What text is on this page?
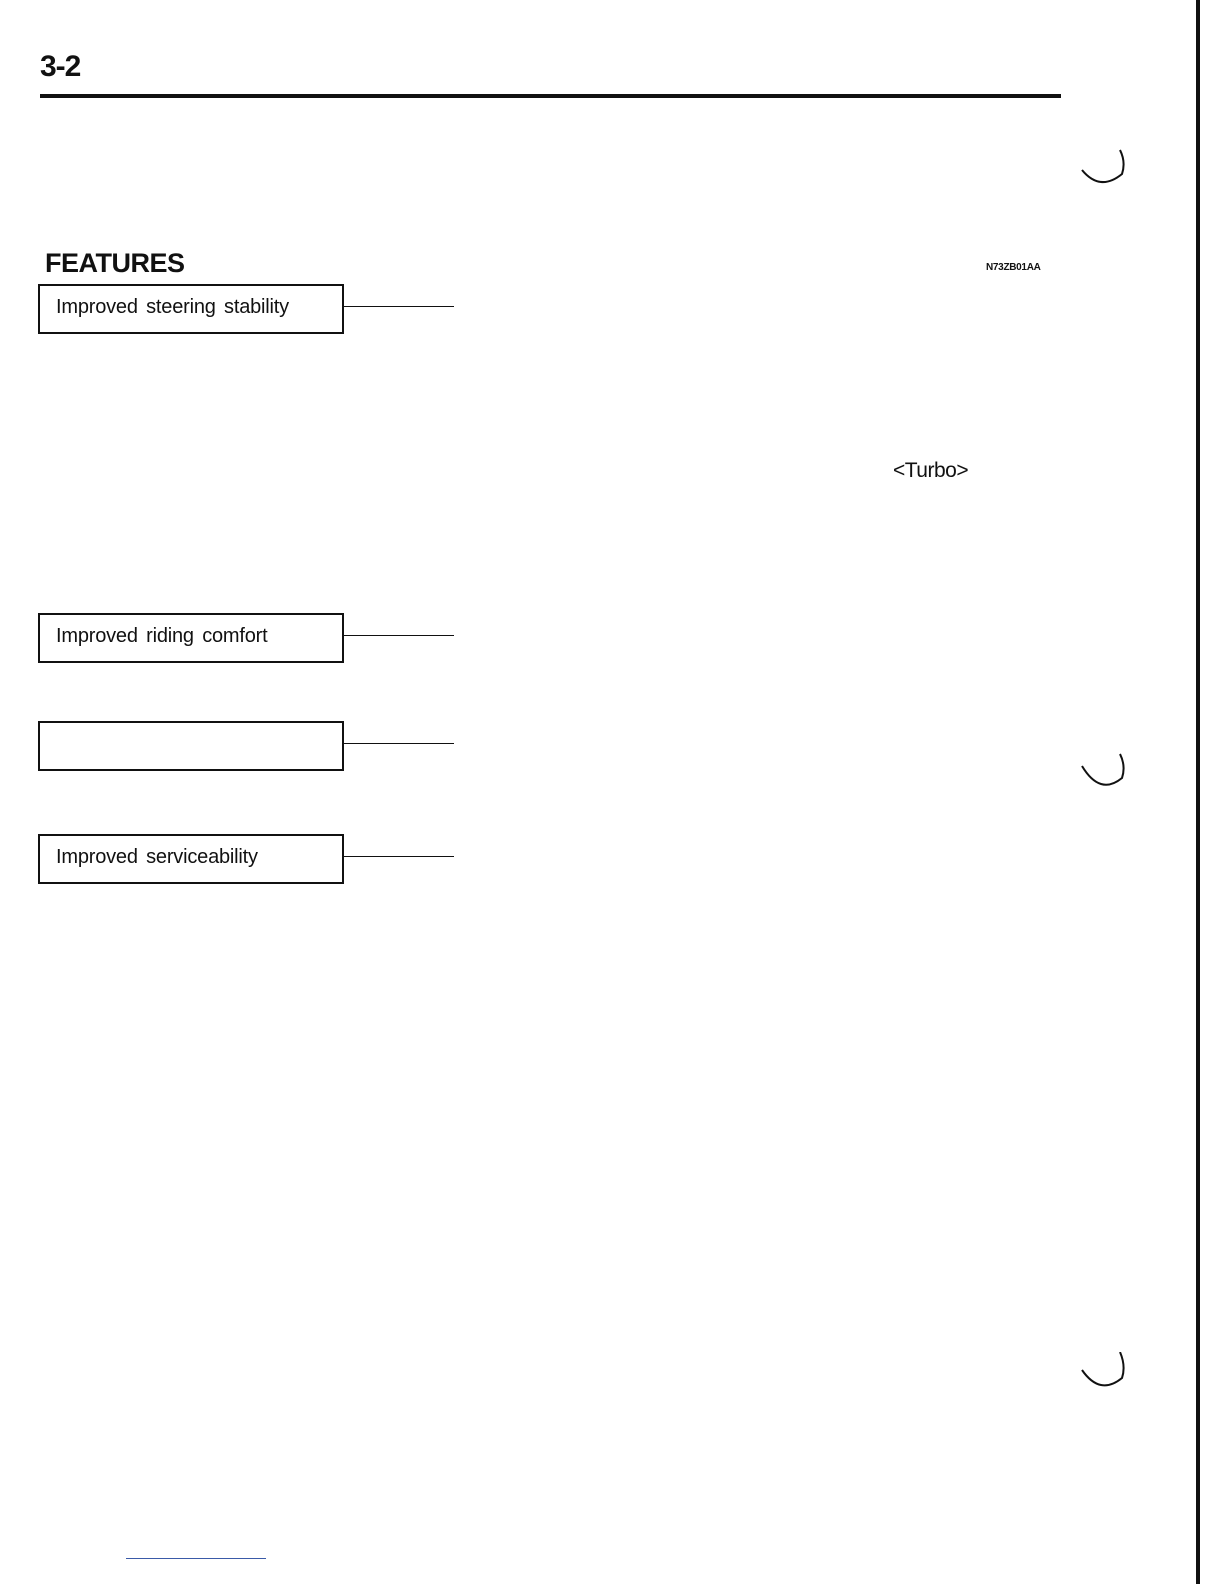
3-2
FEATURES	N73ZB01AA
Improved steering stability
<Turbo>
Improved riding comfort
Improved serviceability
